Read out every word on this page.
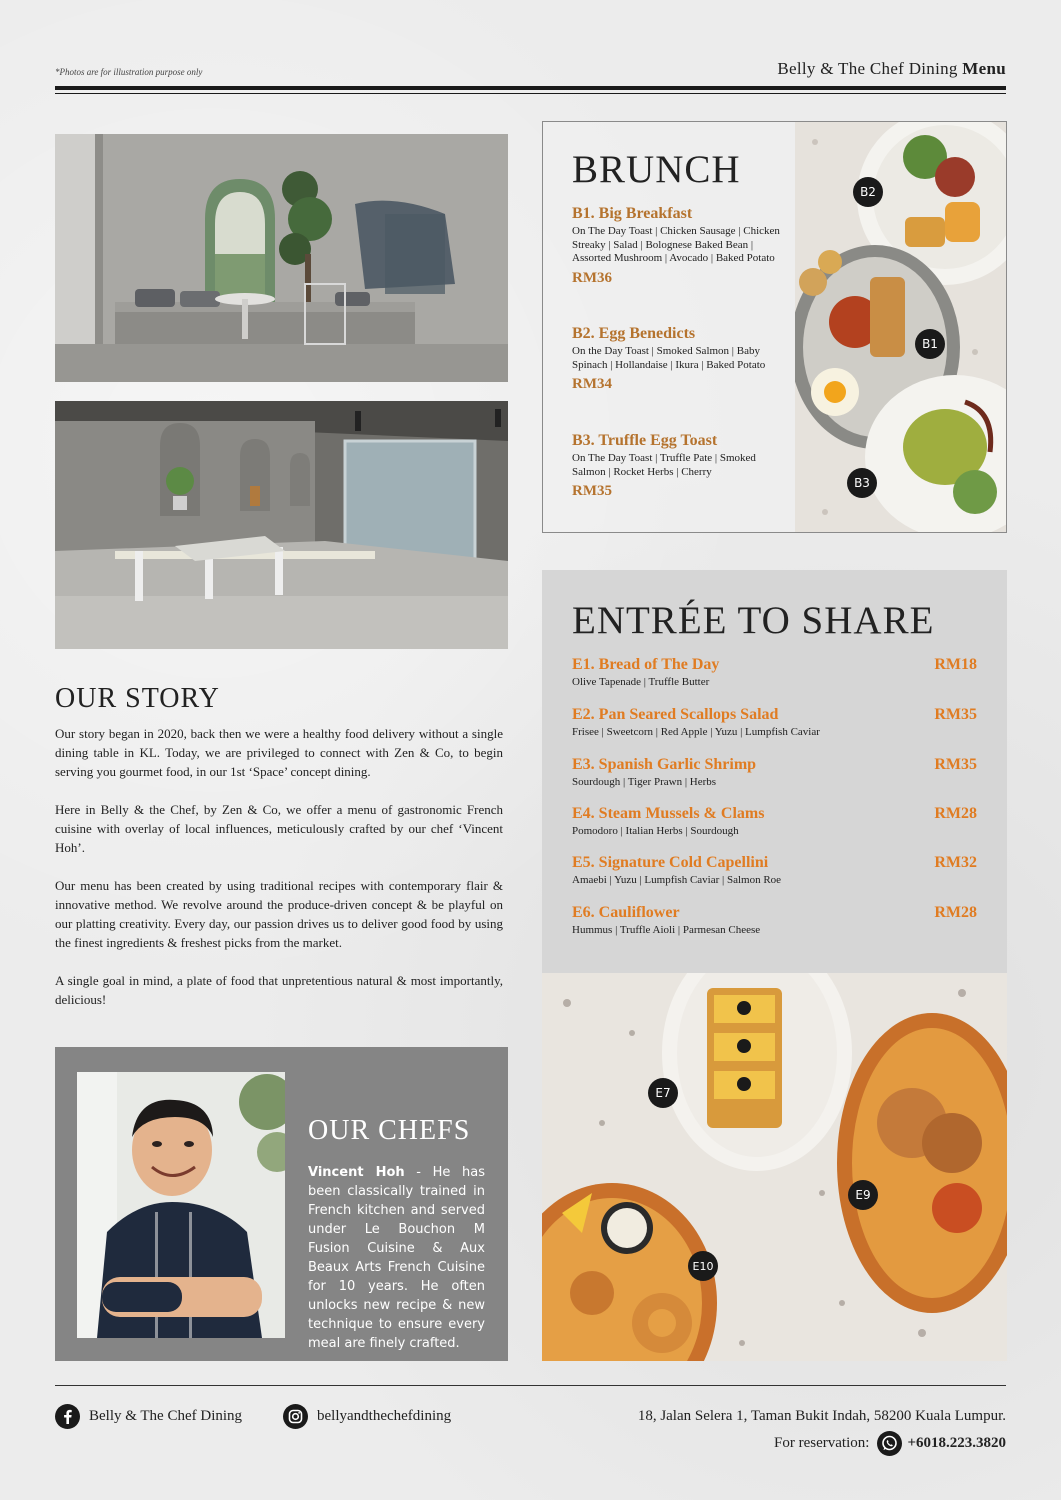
*Photos are for illustration purpose only	Belly & The Chef Dining Menu
OUR STORY

Our story began in 2020, back then we were a healthy food delivery without a single dining table in KL. Today, we are privileged to connect with Zen & Co, to begin serving you gourmet food, in our 1st ‘Space’ concept dining.

Here in Belly & the Chef, by Zen & Co, we offer a menu of gastronomic French cuisine with overlay of local influences, meticulously crafted by our chef ‘Vincent Hoh’.

Our menu has been created by using traditional recipes with contemporary flair & innovative method. We revolve around the produce-driven concept & be playful on our platting creativity. Every day, our passion drives us to deliver good food by using the finest ingredients & freshest picks from the market.

A single goal in mind, a plate of food that unpretentious natural & most importantly, delicious!

OUR CHEFS
Vincent Hoh - He has been classically trained in French kitchen and served under Le Bouchon M Fusion Cuisine & Aux Beaux Arts French Cuisine for 10 years. He often unlocks new recipe & new technique to ensure every meal are finely crafted.
BRUNCH
B1. Big Breakfast
On The Day Toast | Chicken Sausage | Chicken Streaky | Salad | Bolognese Baked Bean | Assorted Mushroom | Avocado | Baked Potato
RM36
B2. Egg Benedicts
On the Day Toast | Smoked Salmon | Baby Spinach | Hollandaise | Ikura | Baked Potato
RM34
B3. Truffle Egg Toast
On The Day Toast | Truffle Pate | Smoked Salmon | Rocket Herbs | Cherry
RM35
B2
B1
B3
ENTRÉE TO SHARE
E1. Bread of The Day	RM18
Olive Tapenade | Truffle Butter
E2. Pan Seared Scallops Salad	RM35
Frisee | Sweetcorn | Red Apple | Yuzu | Lumpfish Caviar
E3. Spanish Garlic Shrimp	RM35
Sourdough | Tiger Prawn | Herbs
E4. Steam Mussels & Clams	RM28
Pomodoro | Italian Herbs | Sourdough
E5. Signature Cold Capellini	RM32
Amaebi | Yuzu | Lumpfish Caviar | Salmon Roe
E6. Cauliflower	RM28
Hummus | Truffle Aioli | Parmesan Cheese
E7
E9
E10
Belly & The Chef Dining	bellyandthechefdining	18, Jalan Selera 1, Taman Bukit Indah, 58200 Kuala Lumpur.
For reservation:	+6018.223.3820
